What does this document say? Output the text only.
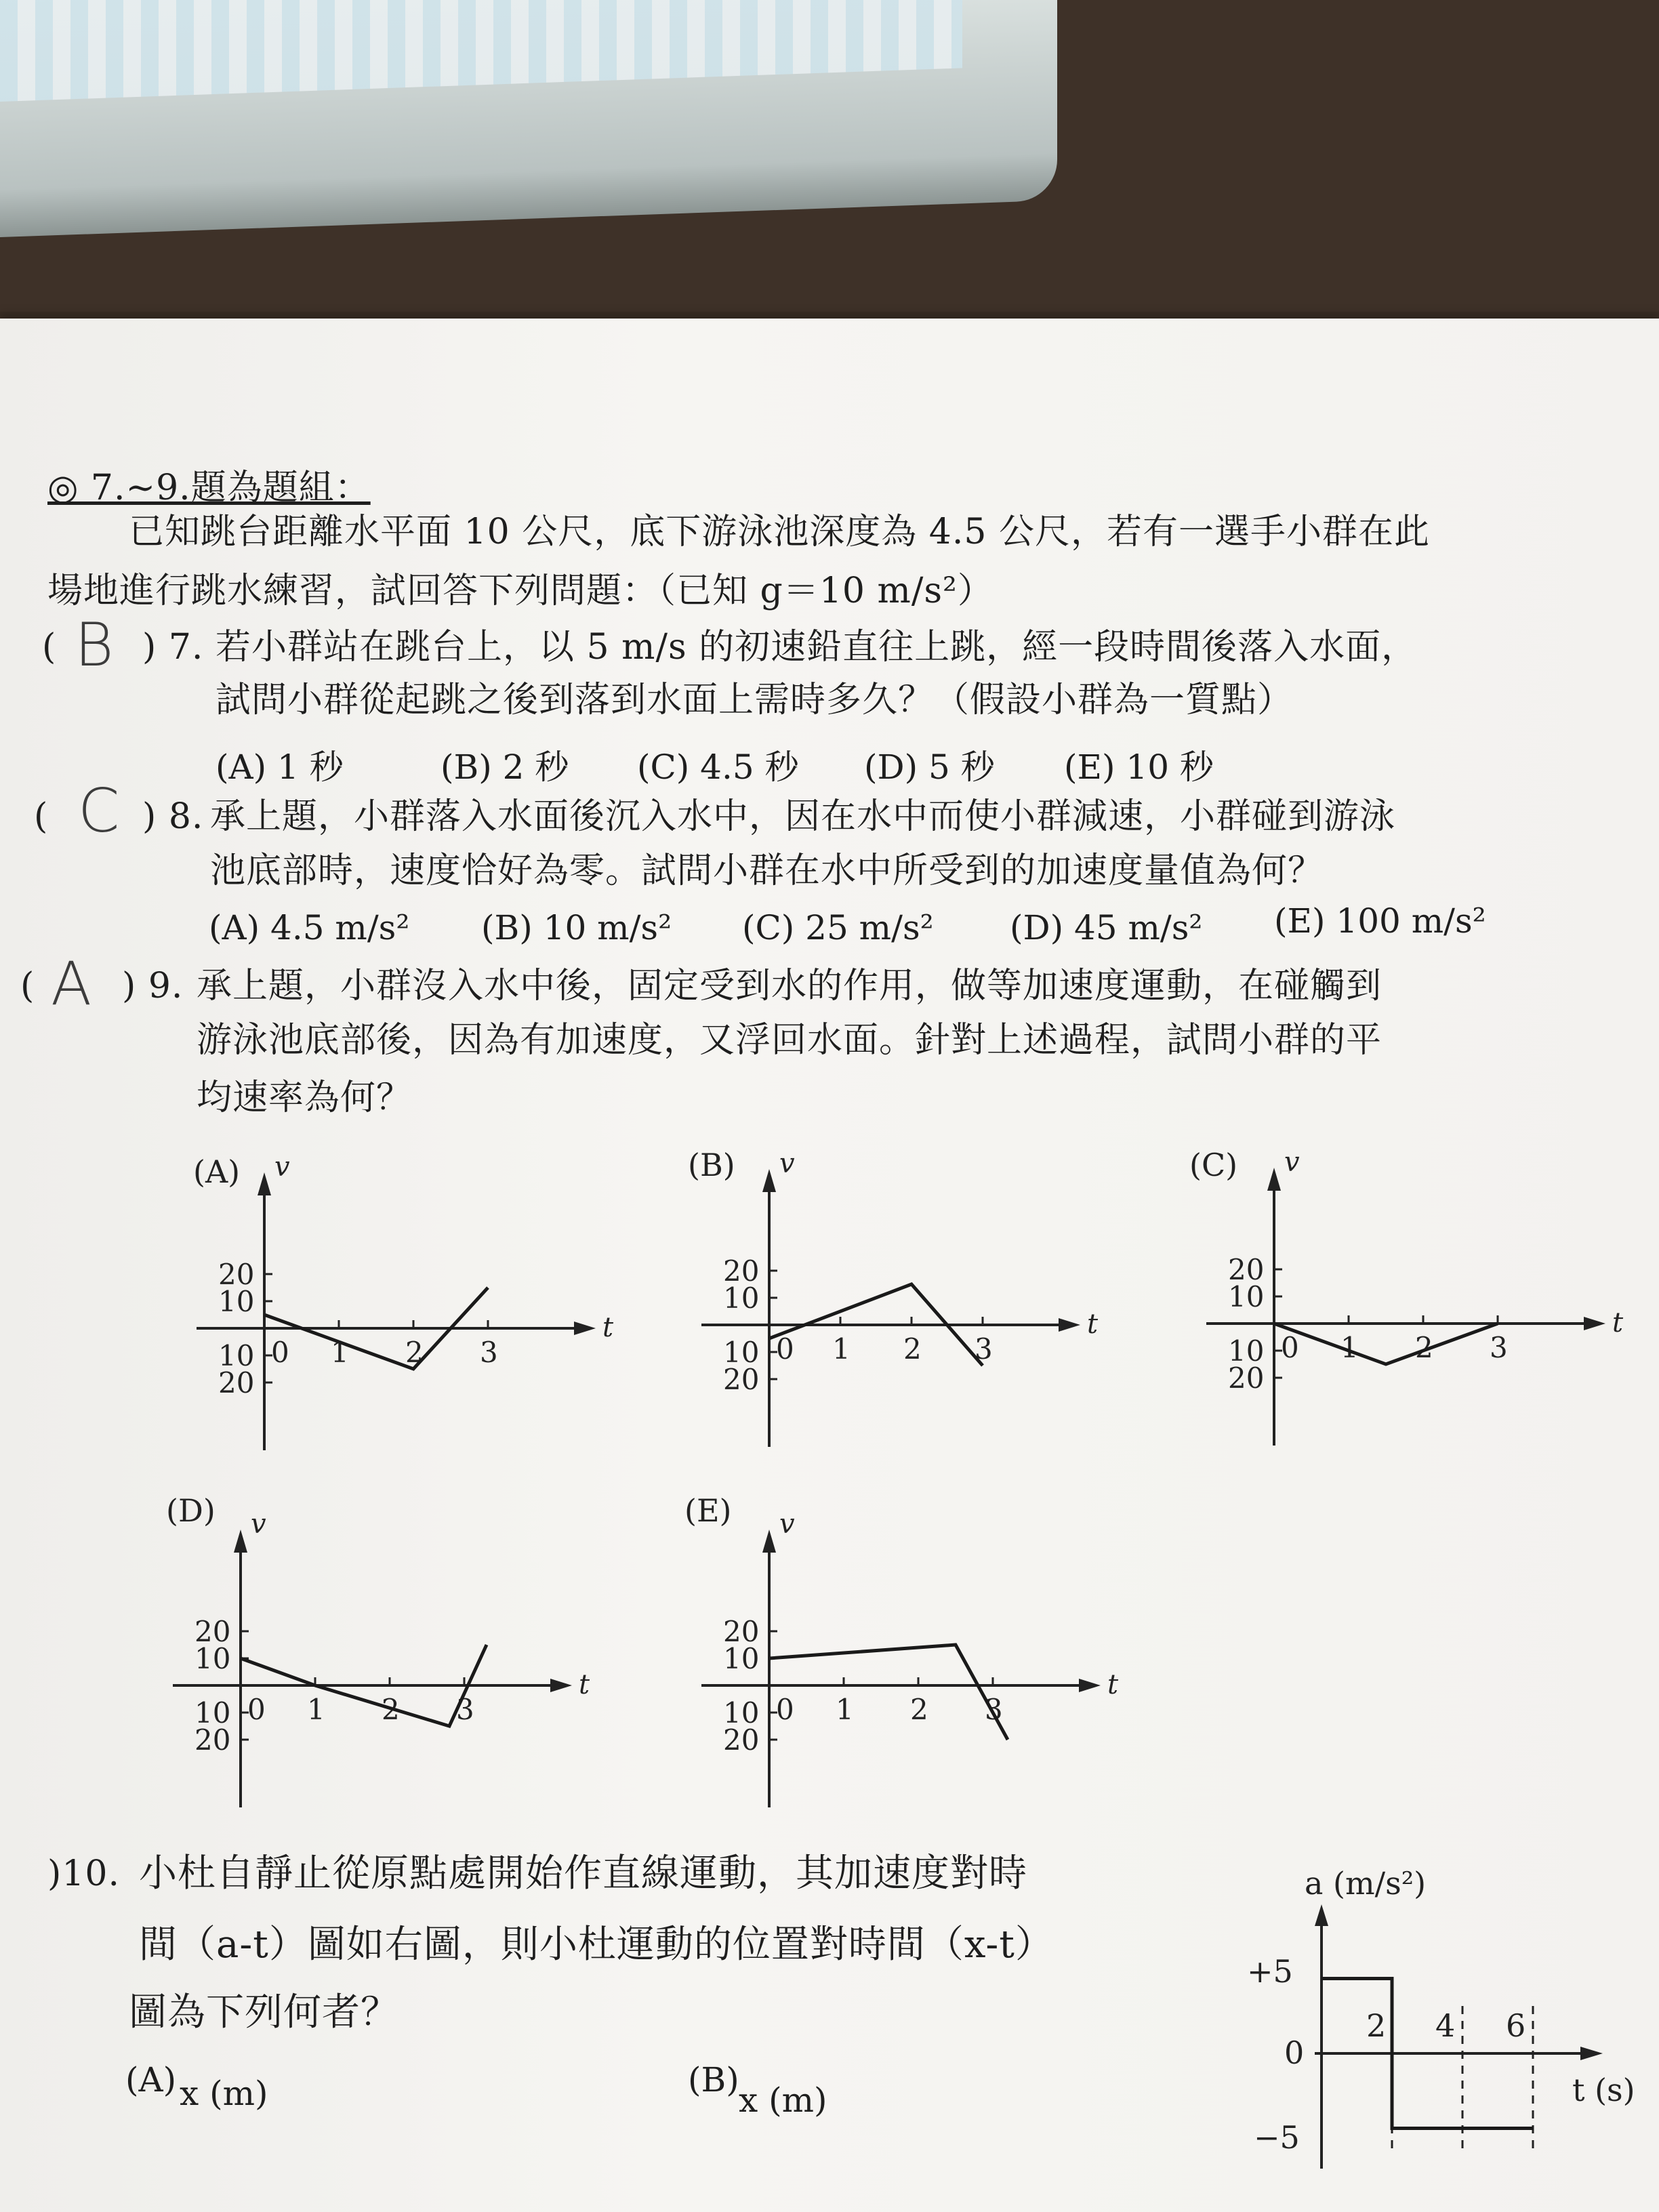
◎ 7.~9.題為題組：
已知跳台距離水平面 10 公尺，底下游泳池深度為 4.5 公尺，若有一選手小群在此
場地進行跳水練習，試回答下列問題：（已知 g＝10 m/s²）
( B ) 7. 若小群站在跳台上，以 5 m/s 的初速鉛直往上跳，經一段時間後落入水面，
試問小群從起跳之後到落到水面上需時多久？（假設小群為一質點）
(A) 1 秒	(B) 2 秒 (C) 4.5 秒 (D) 5 秒 (E) 10 秒
( C ) 8. 承上題，小群落入水面後沉入水中，因在水中而使小群減速，小群碰到游泳
池底部時，速度恰好為零。試問小群在水中所受到的加速度量值為何？
(A) 4.5 m/s² (B) 10 m/s² (C) 25 m/s² (D) 45 m/s² (E) 100 m/s²
( A ) 9. 承上題，小群沒入水中後，固定受到水的作用，做等加速度運動，在碰觸到
游泳池底部後，因為有加速度，又浮回水面。針對上述過程，試問小群的平
均速率為何？
t
v
(A)
20
10
10
20
0 1 2 3
t
v
(B)
20
10
10
20
0 1 2 3
t
v
(C)
20
10
10
20
0 1 2 3
t
v
(D)
20
10
10
20
0 1 2 3
t
v
(E)
20
10
10
20
0 1 2 3
a (m/s²)
t (s)
+5
0
−5
2 4 6
)10. 小杜自靜止從原點處開始作直線運動，其加速度對時
間（a-t）圖如右圖，則小杜運動的位置對時間（x-t）
圖為下列何者？
(A)	(B)
x (m)	x (m)
